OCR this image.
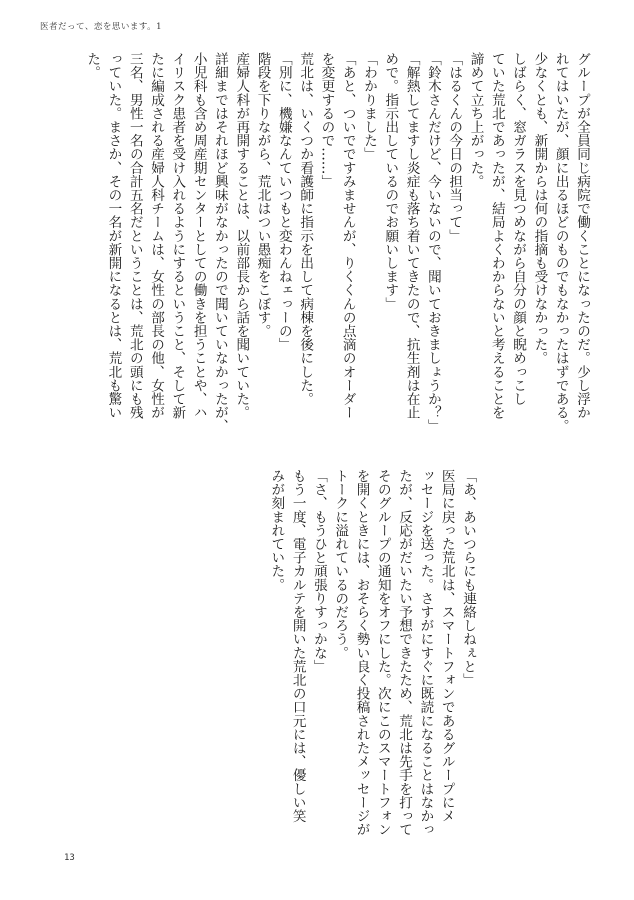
医者だって、恋を思います。1
グループが全員同じ病院で働くことになったのだ。少し浮か
れてはいたが、顔に出るほどのものでもなかったはずである。
少なくとも、新開からは何の指摘も受けなかった。
しばらく、窓ガラスを見つめながら自分の顔と睨めっこし
ていた荒北であったが、結局よくわからないと考えることを
諦めて立ち上がった。
「はるくんの今日の担当って」
「鈴木さんだけど、今いないので、聞いておきましょうか？」
「解熱してますし炎症も落ち着いてきたので、抗生剤は在止
めで。指示出しているのでお願いします」
「わかりました」
「あと、ついでですみませんが、りくくんの点滴のオーダー
を変更するので……」
荒北は、いくつか看護師に指示を出して病棟を後にした。
「別に、機嫌なんていつもと変わんねェっーの」
階段を下りながら、荒北はつい愚痴をこぼす。
産婦人科が再開することは、以前部長から話を聞いていた。
詳細まではそれほど興味がなかったので聞いていなかったが、
小児科も含め周産期センターとしての働きを担うことや、ハ
イリスク患者を受け入れるようにするということ、そして新
たに編成される産婦人科チームは、女性の部長の他、女性が
三名、男性一名の合計五名だということは、荒北の頭にも残
っていた。まさか、その一名が新開になるとは、荒北も驚い
た。
「あ、あいつらにも連絡しねぇと」
医局に戻った荒北は、スマートフォンであるグループにメ
ッセージを送った。さすがにすぐに既読になることはなかっ
たが、反応がだいたい予想できたため、荒北は先手を打って
そのグループの通知をオフにした。次にこのスマートフォン
を開くときには、おそらく勢い良く投稿されたメッセージが
トークに溢れているのだろう。
「さ、もうひと頑張りすっかな」
もう一度、電子カルテを開いた荒北の口元には、優しい笑
みが刻まれていた。
13
